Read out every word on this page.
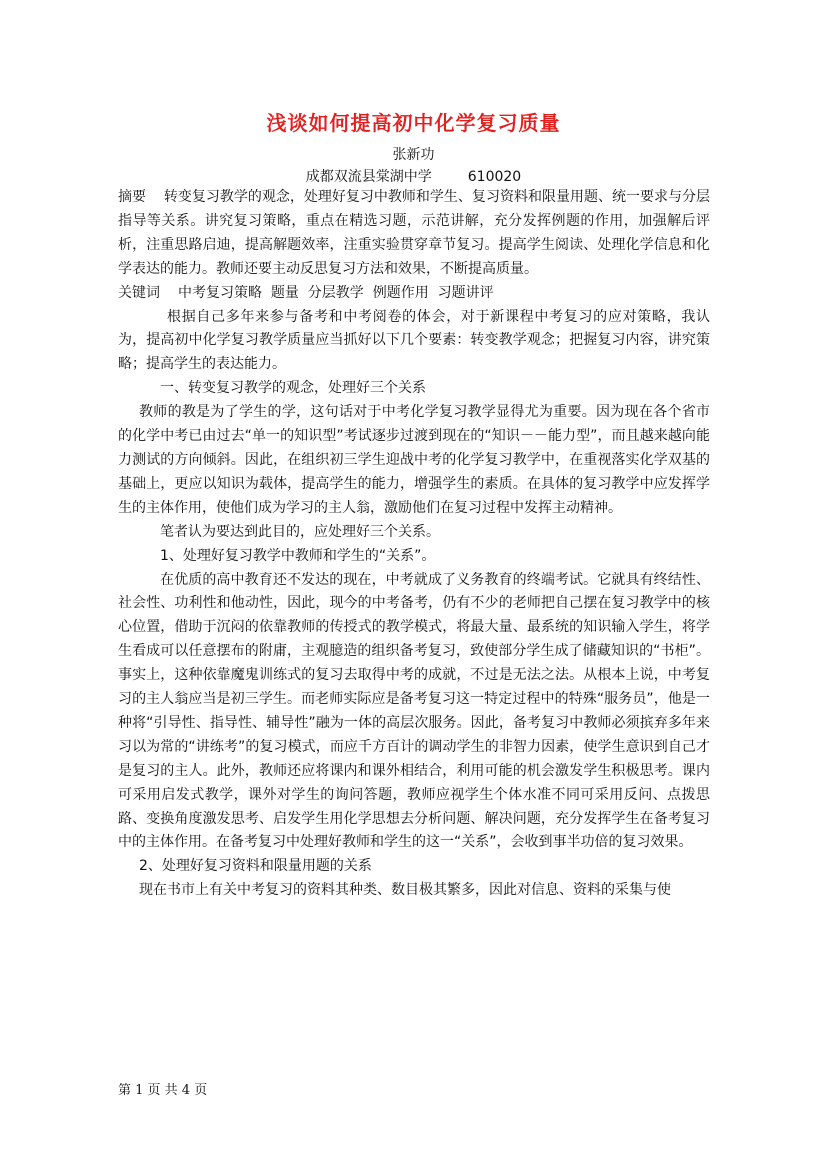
浅谈如何提高初中化学复习质量
张新功
成都双流县棠湖中学	610020

摘要 转变复习教学的观念，处理好复习中教师和学生、复习资料和限量用题、统一要求与分层指导等关系。讲究复习策略，重点在精选习题，示范讲解，充分发挥例题的作用，加强解后评析，注重思路启迪，提高解题效率，注重实验贯穿章节复习。提高学生阅读、处理化学信息和化学表达的能力。教师还要主动反思复习方法和效果，不断提高质量。

关键词 中考复习策略  题量  分层教学  例题作用  习题讲评

根据自己多年来参与备考和中考阅卷的体会，对于新课程中考复习的应对策略，我认为，提高初中化学复习教学质量应当抓好以下几个要素：转变教学观念；把握复习内容，讲究策略；提高学生的表达能力。

一、转变复习教学的观念，处理好三个关系

教师的教是为了学生的学，这句话对于中考化学复习教学显得尤为重要。因为现在各个省市的化学中考已由过去“单一的知识型”考试逐步过渡到现在的“知识－－能力型”，而且越来越向能力测试的方向倾斜。因此，在组织初三学生迎战中考的化学复习教学中，在重视落实化学双基的基础上，更应以知识为载体，提高学生的能力，增强学生的素质。在具体的复习教学中应发挥学生的主体作用，使他们成为学习的主人翁，激励他们在复习过程中发挥主动精神。

笔者认为要达到此目的，应处理好三个关系。

1、处理好复习教学中教师和学生的“关系”。

在优质的高中教育还不发达的现在，中考就成了义务教育的终端考试。它就具有终结性、社会性、功利性和他动性，因此，现今的中考备考，仍有不少的老师把自己摆在复习教学中的核心位置，借助于沉闷的依靠教师的传授式的教学模式，将最大量、最系统的知识输入学生，将学生看成可以任意摆布的附庸，主观臆造的组织备考复习，致使部分学生成了储藏知识的“书柜”。事实上，这种依靠魔鬼训练式的复习去取得中考的成就，不过是无法之法。从根本上说，中考复习的主人翁应当是初三学生。而老师实际应是备考复习这一特定过程中的特殊“服务员”，他是一种将“引导性、指导性、辅导性”融为一体的高层次服务。因此，备考复习中教师必须摈弃多年来习以为常的“讲练考”的复习模式，而应千方百计的调动学生的非智力因素，使学生意识到自己才是复习的主人。此外，教师还应将课内和课外相结合，利用可能的机会激发学生积极思考。课内可采用启发式教学，课外对学生的询问答题，教师应视学生个体水准不同可采用反问、点拨思路、变换角度激发思考、启发学生用化学思想去分析问题、解决问题，充分发挥学生在备考复习中的主体作用。在备考复习中处理好教师和学生的这一“关系”，会收到事半功倍的复习效果。

2、处理好复习资料和限量用题的关系

现在书市上有关中考复习的资料其种类、数目极其繁多，因此对信息、资料的采集与使

第 1 页 共 4 页
